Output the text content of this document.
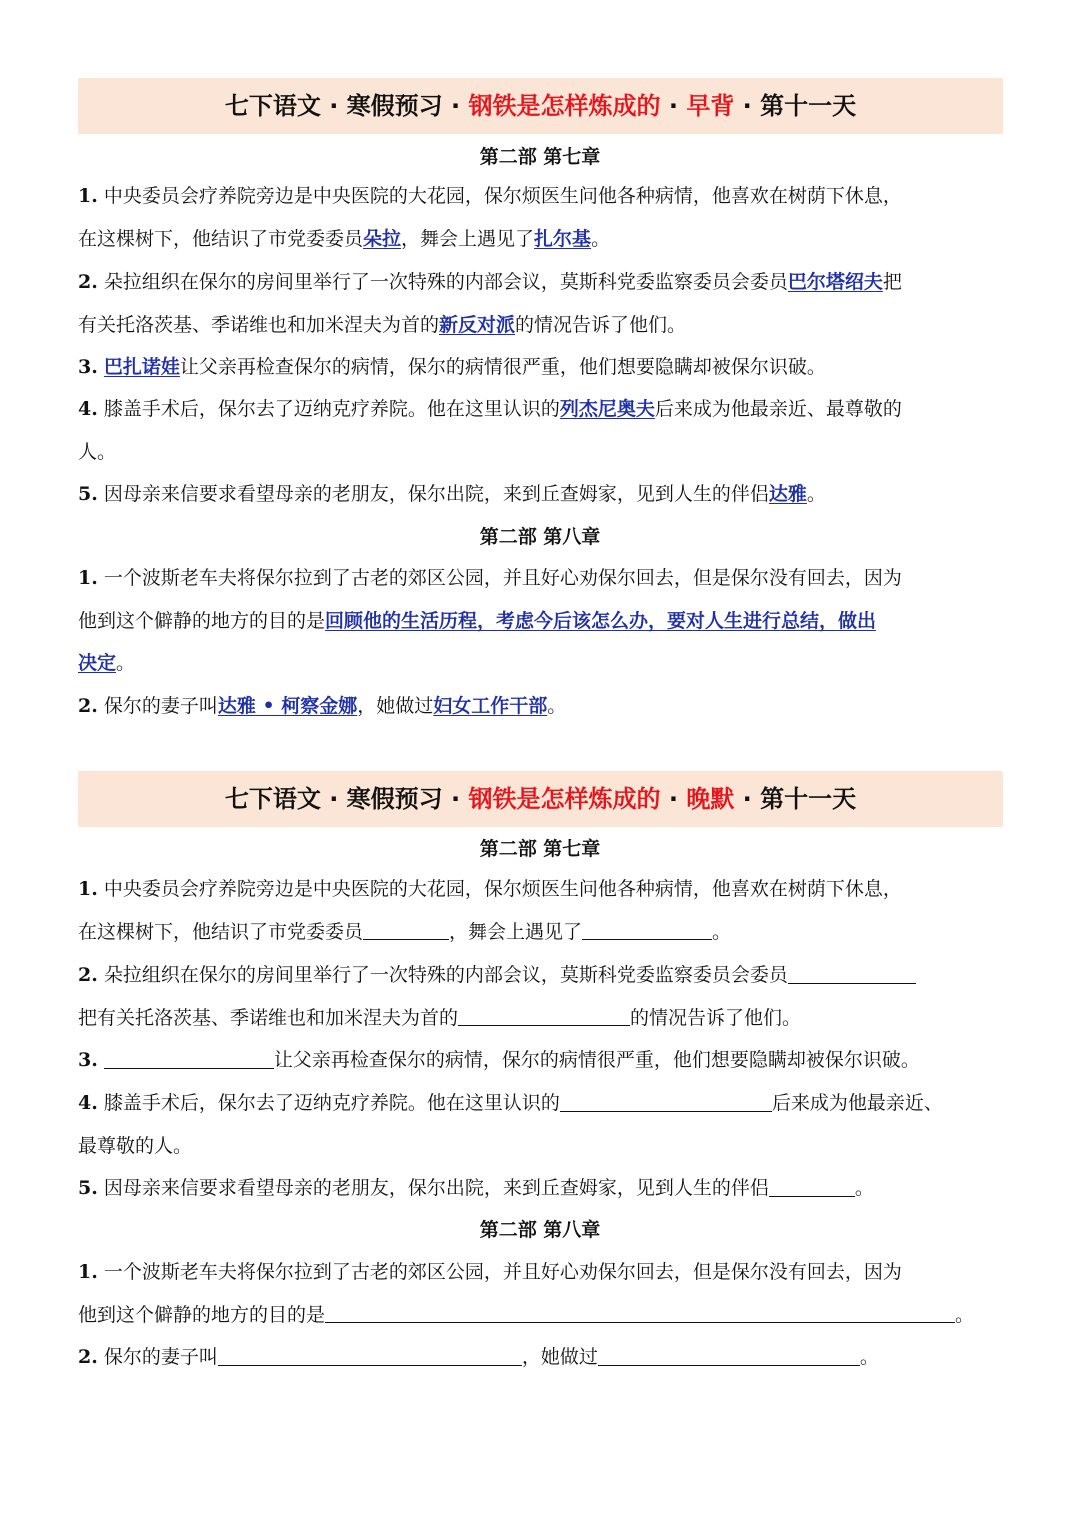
七下语文 · 寒假预习 · 钢铁是怎样炼成的 · 早背 · 第十一天
第二部 第七章
1. 中央委员会疗养院旁边是中央医院的大花园，保尔烦医生问他各种病情，他喜欢在树荫下休息，
在这棵树下，他结识了市党委委员朵拉，舞会上遇见了扎尔基。
2. 朵拉组织在保尔的房间里举行了一次特殊的内部会议，莫斯科党委监察委员会委员巴尔塔绍夫把
有关托洛茨基、季诺维也和加米涅夫为首的新反对派的情况告诉了他们。
3. 巴扎诺娃让父亲再检查保尔的病情，保尔的病情很严重，他们想要隐瞒却被保尔识破。
4. 膝盖手术后，保尔去了迈纳克疗养院。他在这里认识的列杰尼奥夫后来成为他最亲近、最尊敬的
人。
5. 因母亲来信要求看望母亲的老朋友，保尔出院，来到丘查姆家，见到人生的伴侣达雅。
第二部 第八章
1. 一个波斯老车夫将保尔拉到了古老的郊区公园，并且好心劝保尔回去，但是保尔没有回去，因为
他到这个僻静的地方的目的是回顾他的生活历程，考虑今后该怎么办，要对人生进行总结，做出
决定。
2. 保尔的妻子叫达雅 • 柯察金娜，她做过妇女工作干部。
七下语文 · 寒假预习 · 钢铁是怎样炼成的 · 晚默 · 第十一天
第二部 第七章
1. 中央委员会疗养院旁边是中央医院的大花园，保尔烦医生问他各种病情，他喜欢在树荫下休息，
在这棵树下，他结识了市党委委员	，舞会上遇见了	。
2. 朵拉组织在保尔的房间里举行了一次特殊的内部会议，莫斯科党委监察委员会委员
把有关托洛茨基、季诺维也和加米涅夫为首的	的情况告诉了他们。
3.	让父亲再检查保尔的病情，保尔的病情很严重，他们想要隐瞒却被保尔识破。
4. 膝盖手术后，保尔去了迈纳克疗养院。他在这里认识的	后来成为他最亲近、
最尊敬的人。
5. 因母亲来信要求看望母亲的老朋友，保尔出院，来到丘查姆家，见到人生的伴侣	。
第二部 第八章
1. 一个波斯老车夫将保尔拉到了古老的郊区公园，并且好心劝保尔回去，但是保尔没有回去，因为
他到这个僻静的地方的目的是	。
2. 保尔的妻子叫	，她做过	。
